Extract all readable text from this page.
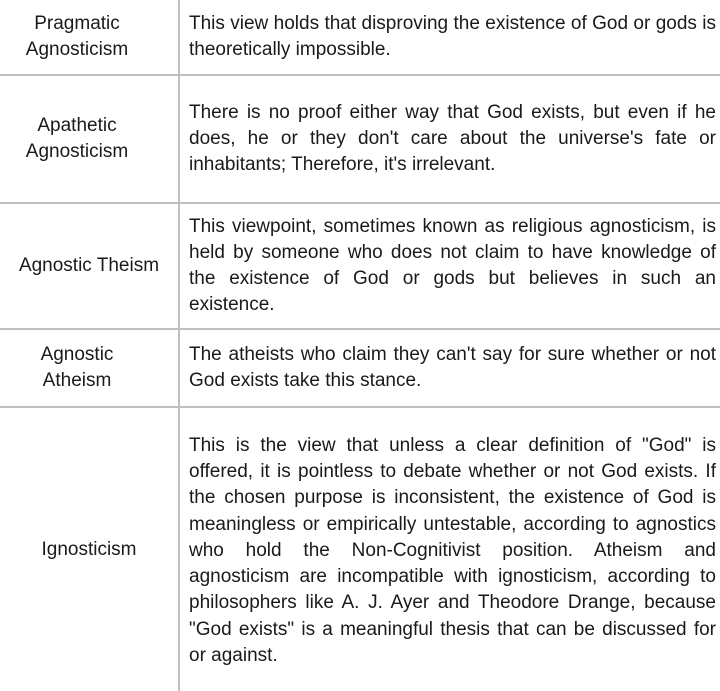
Pragmatic Agnosticism
This view holds that disproving the existence of God or gods is theoretically impossible.
Apathetic Agnosticism
There is no proof either way that God exists, but even if he does, he or they don't care about the universe's fate or inhabitants; Therefore, it's irrelevant.
Agnostic Theism
This viewpoint, sometimes known as religious agnosticism, is held by someone who does not claim to have knowledge of the existence of God or gods but believes in such an existence.
Agnostic Atheism
The atheists who claim they can't say for sure whether or not God exists take this stance.
Ignosticism
This is the view that unless a clear definition of "God" is offered, it is pointless to debate whether or not God exists. If the chosen purpose is inconsistent, the existence of God is meaningless or empirically untestable, according to agnostics who hold the Non-Cognitivist position. Atheism and agnosticism are incompatible with ignosticism, according to philosophers like A. J. Ayer and Theodore Drange, because "God exists" is a meaningful thesis that can be discussed for or against.
